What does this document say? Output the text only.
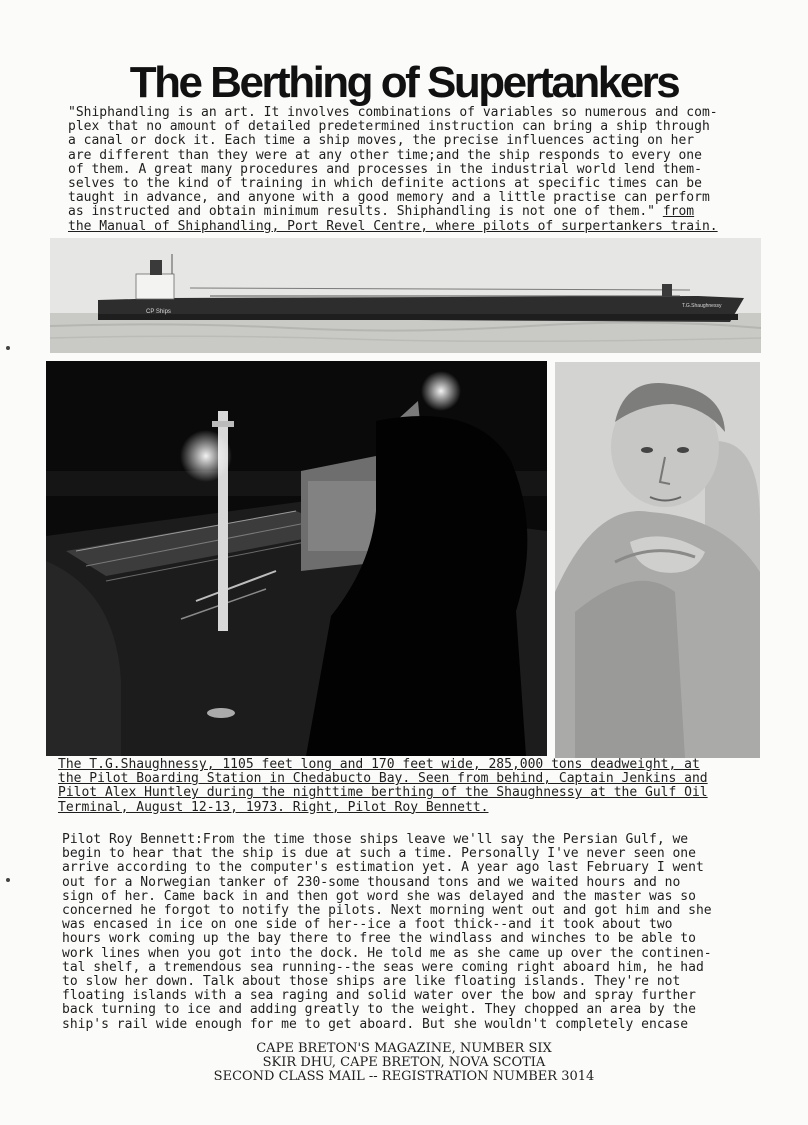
The Berthing of Supertankers
"Shiphandling is an art. It involves combinations of variables so numerous and com-
plex that no amount of detailed predetermined instruction can bring a ship through
a canal or dock it. Each time a ship moves, the precise influences acting on her
are different than they were at any other time;and the ship responds to every one
of them. A great many procedures and processes in the industrial world lend them-
selves to the kind of training in which definite actions at specific times can be
taught in advance, and anyone with a good memory and a little practise can perform
as instructed and obtain minimum results. Shiphandling is not one of them." from
the Manual of Shiphandling, Port Revel Centre, where pilots of surpertankers train.
CP Ships
T.G.Shaughnessy
The T.G.Shaughnessy, 1105 feet long and 170 feet wide, 285,000 tons deadweight, at
the Pilot Boarding Station in Chedabucto Bay. Seen from behind, Captain Jenkins and
Pilot Alex Huntley during the nighttime berthing of the Shaughnessy at the Gulf Oil
Terminal, August 12-13, 1973. Right, Pilot Roy Bennett.
Pilot Roy Bennett:From the time those ships leave we'll say the Persian Gulf, we
begin to hear that the ship is due at such a time. Personally I've never seen one
arrive according to the computer's estimation yet. A year ago last February I went
out for a Norwegian tanker of 230-some thousand tons and we waited hours and no
sign of her. Came back in and then got word she was delayed and the master was so
concerned he forgot to notify the pilots. Next morning went out and got him and she
was encased in ice on one side of her--ice a foot thick--and it took about two
hours work coming up the bay there to free the windlass and winches to be able to
work lines when you got into the dock. He told me as she came up over the continen-
tal shelf, a tremendous sea running--the seas were coming right aboard him, he had
to slow her down. Talk about those ships are like floating islands. They're not
floating islands with a sea raging and solid water over the bow and spray further
back turning to ice and adding greatly to the weight. They chopped an area by the
ship's rail wide enough for me to get aboard. But she wouldn't completely encase
CAPE BRETON'S MAGAZINE, NUMBER SIX
SKIR DHU, CAPE BRETON, NOVA SCOTIA
SECOND CLASS MAIL -- REGISTRATION NUMBER 3014
